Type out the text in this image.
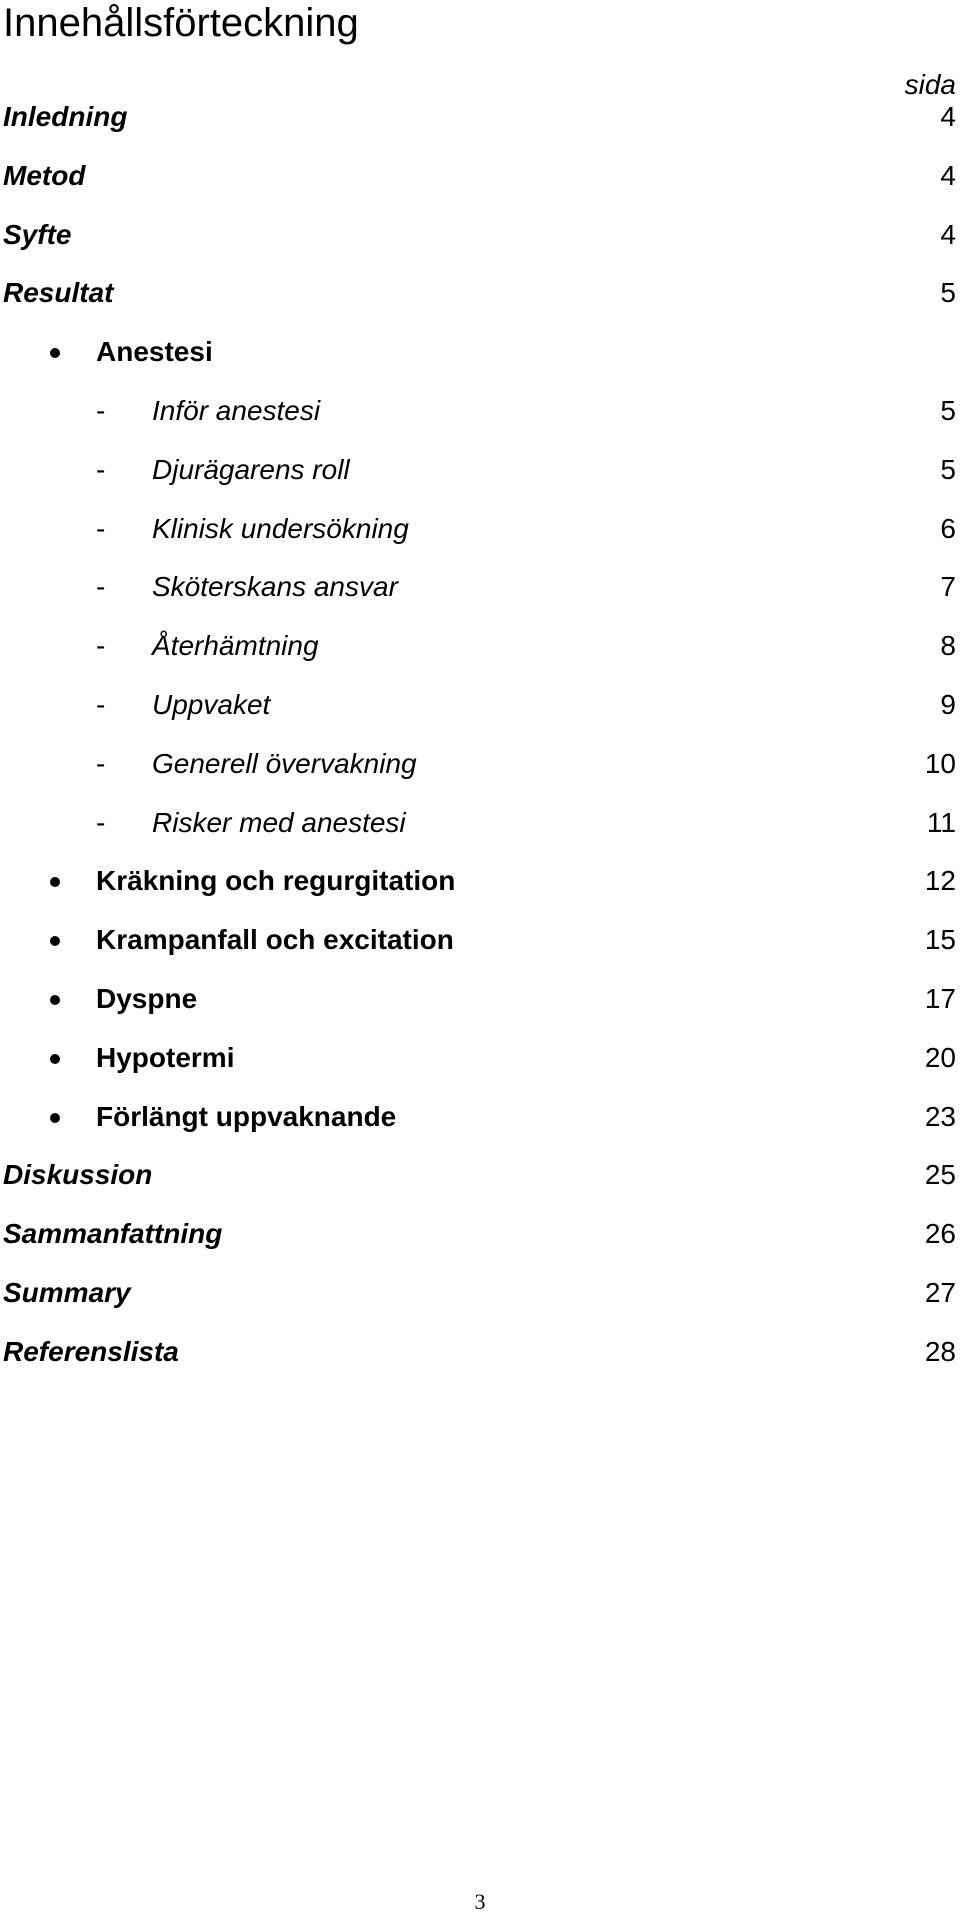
Innehållsförteckning
sida
Inledning	4
Metod	4
Syfte	4
Resultat	5
Anestesi
- Inför anestesi	5
- Djurägarens roll	5
- Klinisk undersökning	6
- Sköterskans ansvar	7
- Återhämtning	8
- Uppvaket	9
- Generell övervakning	10
- Risker med anestesi	11
Kräkning och regurgitation	12
Krampanfall och excitation	15
Dyspne	17
Hypotermi	20
Förlängt uppvaknande	23
Diskussion	25
Sammanfattning	26
Summary	27
Referenslista	28
3
